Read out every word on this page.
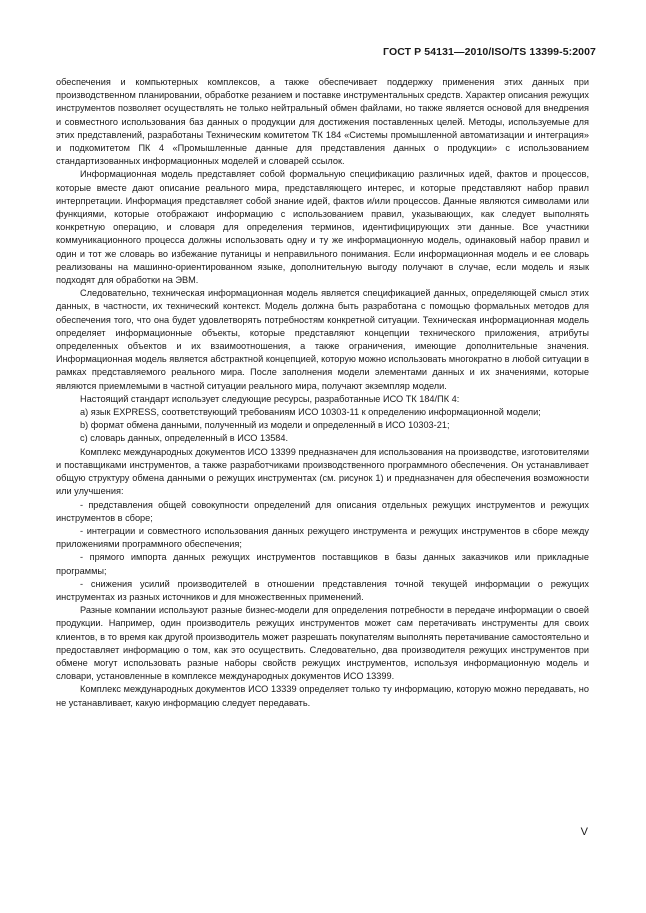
ГОСТ Р 54131—2010/ISO/TS 13399-5:2007

обеспечения и компьютерных комплексов, а также обеспечивает поддержку применения этих данных при производственном планировании, обработке резанием и поставке инструментальных средств. Характер описания режущих инструментов позволяет осуществлять не только нейтральный обмен файлами, но также является основой для внедрения и совместного использования баз данных о продукции для достижения поставленных целей. Методы, используемые для этих представлений, разработаны Техническим комитетом ТК 184 «Системы промышленной автоматизации и интеграция» и подкомитетом ПК 4 «Промышленные данные для представления данных о продукции» с использованием стандартизованных информационных моделей и словарей ссылок.

Информационная модель представляет собой формальную спецификацию различных идей, фактов и процессов, которые вместе дают описание реального мира, представляющего интерес, и которые представляют набор правил интерпретации. Информация представляет собой знание идей, фактов и/или процессов. Данные являются символами или функциями, которые отображают информацию с использованием правил, указывающих, как следует выполнять конкретную операцию, и словаря для определения терминов, идентифицирующих эти данные. Все участники коммуникационного процесса должны использовать одну и ту же информационную модель, одинаковый набор правил и один и тот же словарь во избежание путаницы и неправильного понимания. Если информационная модель и ее словарь реализованы на машинно-ориентированном языке, дополнительную выгоду получают в случае, если модель и язык подходят для обработки на ЭВМ.

Следовательно, техническая информационная модель является спецификацией данных, определяющей смысл этих данных, в частности, их технический контекст. Модель должна быть разработана с помощью формальных методов для обеспечения того, что она будет удовлетворять потребностям конкретной ситуации. Техническая информационная модель определяет информационные объекты, которые представляют концепции технического приложения, атрибуты определенных объектов и их взаимоотношения, а также ограничения, имеющие дополнительные значения. Информационная модель является абстрактной концепцией, которую можно использовать многократно в любой ситуации в рамках представляемого реального мира. После заполнения модели элементами данных и их значениями, которые являются приемлемыми в частной ситуации реального мира, получают экземпляр модели.

Настоящий стандарт использует следующие ресурсы, разработанные ИСО ТК 184/ПК 4:

а) язык EXPRESS, соответствующий требованиям ИСО 10303-11 к определению информационной модели;

b) формат обмена данными, полученный из модели и определенный в ИСО 10303-21;

с) словарь данных, определенный в ИСО 13584.

Комплекс международных документов ИСО 13399 предназначен для использования на производстве, изготовителями и поставщиками инструментов, а также разработчиками производственного программного обеспечения. Он устанавливает общую структуру обмена данными о режущих инструментах (см. рисунок 1) и предназначен для обеспечения возможности или улучшения:

- представления общей совокупности определений для описания отдельных режущих инструментов и режущих инструментов в сборе;

- интеграции и совместного использования данных режущего инструмента и режущих инструментов в сборе между приложениями программного обеспечения;

- прямого импорта данных режущих инструментов поставщиков в базы данных заказчиков или прикладные программы;

- снижения усилий производителей в отношении представления точной текущей информации о режущих инструментах из разных источников и для множественных применений.

Разные компании используют разные бизнес-модели для определения потребности в передаче информации о своей продукции. Например, один производитель режущих инструментов может сам перетачивать инструменты для своих клиентов, в то время как другой производитель может разрешать покупателям выполнять перетачивание самостоятельно и предоставляет информацию о том, как это осуществить. Следовательно, два производителя режущих инструментов при обмене могут использовать разные наборы свойств режущих инструментов, используя информационную модель и словари, установленные в комплексе международных документов ИСО 13399.

Комплекс международных документов ИСО 13339 определяет только ту информацию, которую можно передавать, но не устанавливает, какую информацию следует передавать.

V
